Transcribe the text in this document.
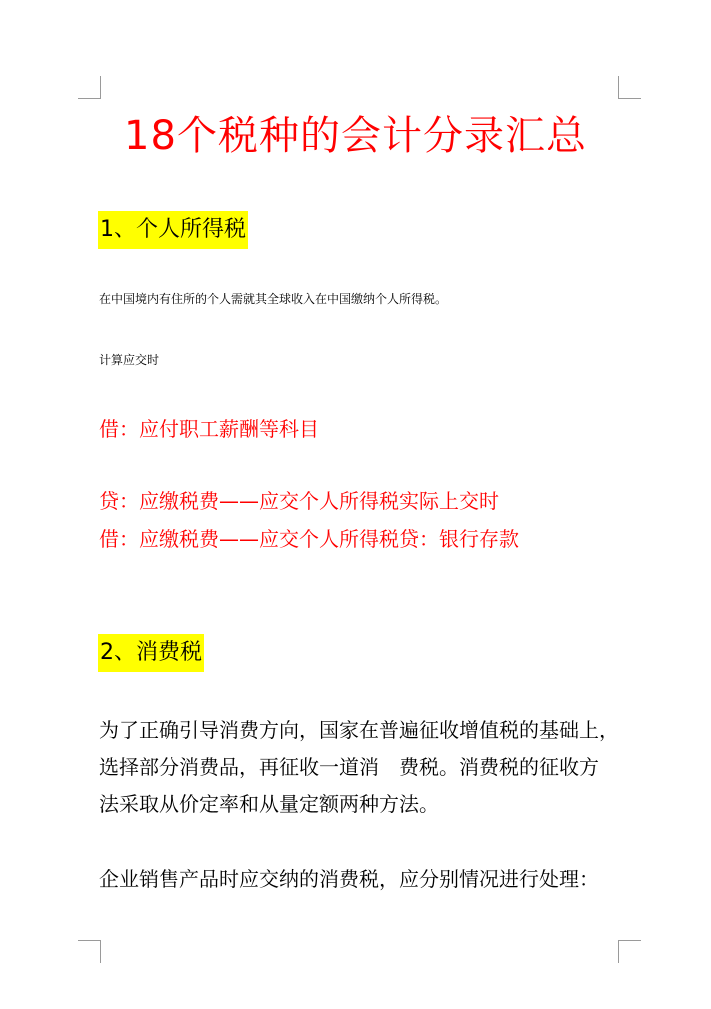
18个税种的会计分录汇总
1、个人所得税
在中国境内有住所的个人需就其全球收入在中国缴纳个人所得税。
计算应交时
借：应付职工薪酬等科目
贷：应缴税费——应交个人所得税实际上交时
借：应缴税费——应交个人所得税贷：银行存款
2、消费税
为了正确引导消费方向，国家在普遍征收增值税的基础上，
选择部分消费品，再征收一道消　费税。消费税的征收方
法采取从价定率和从量定额两种方法。
企业销售产品时应交纳的消费税，应分别情况进行处理：
